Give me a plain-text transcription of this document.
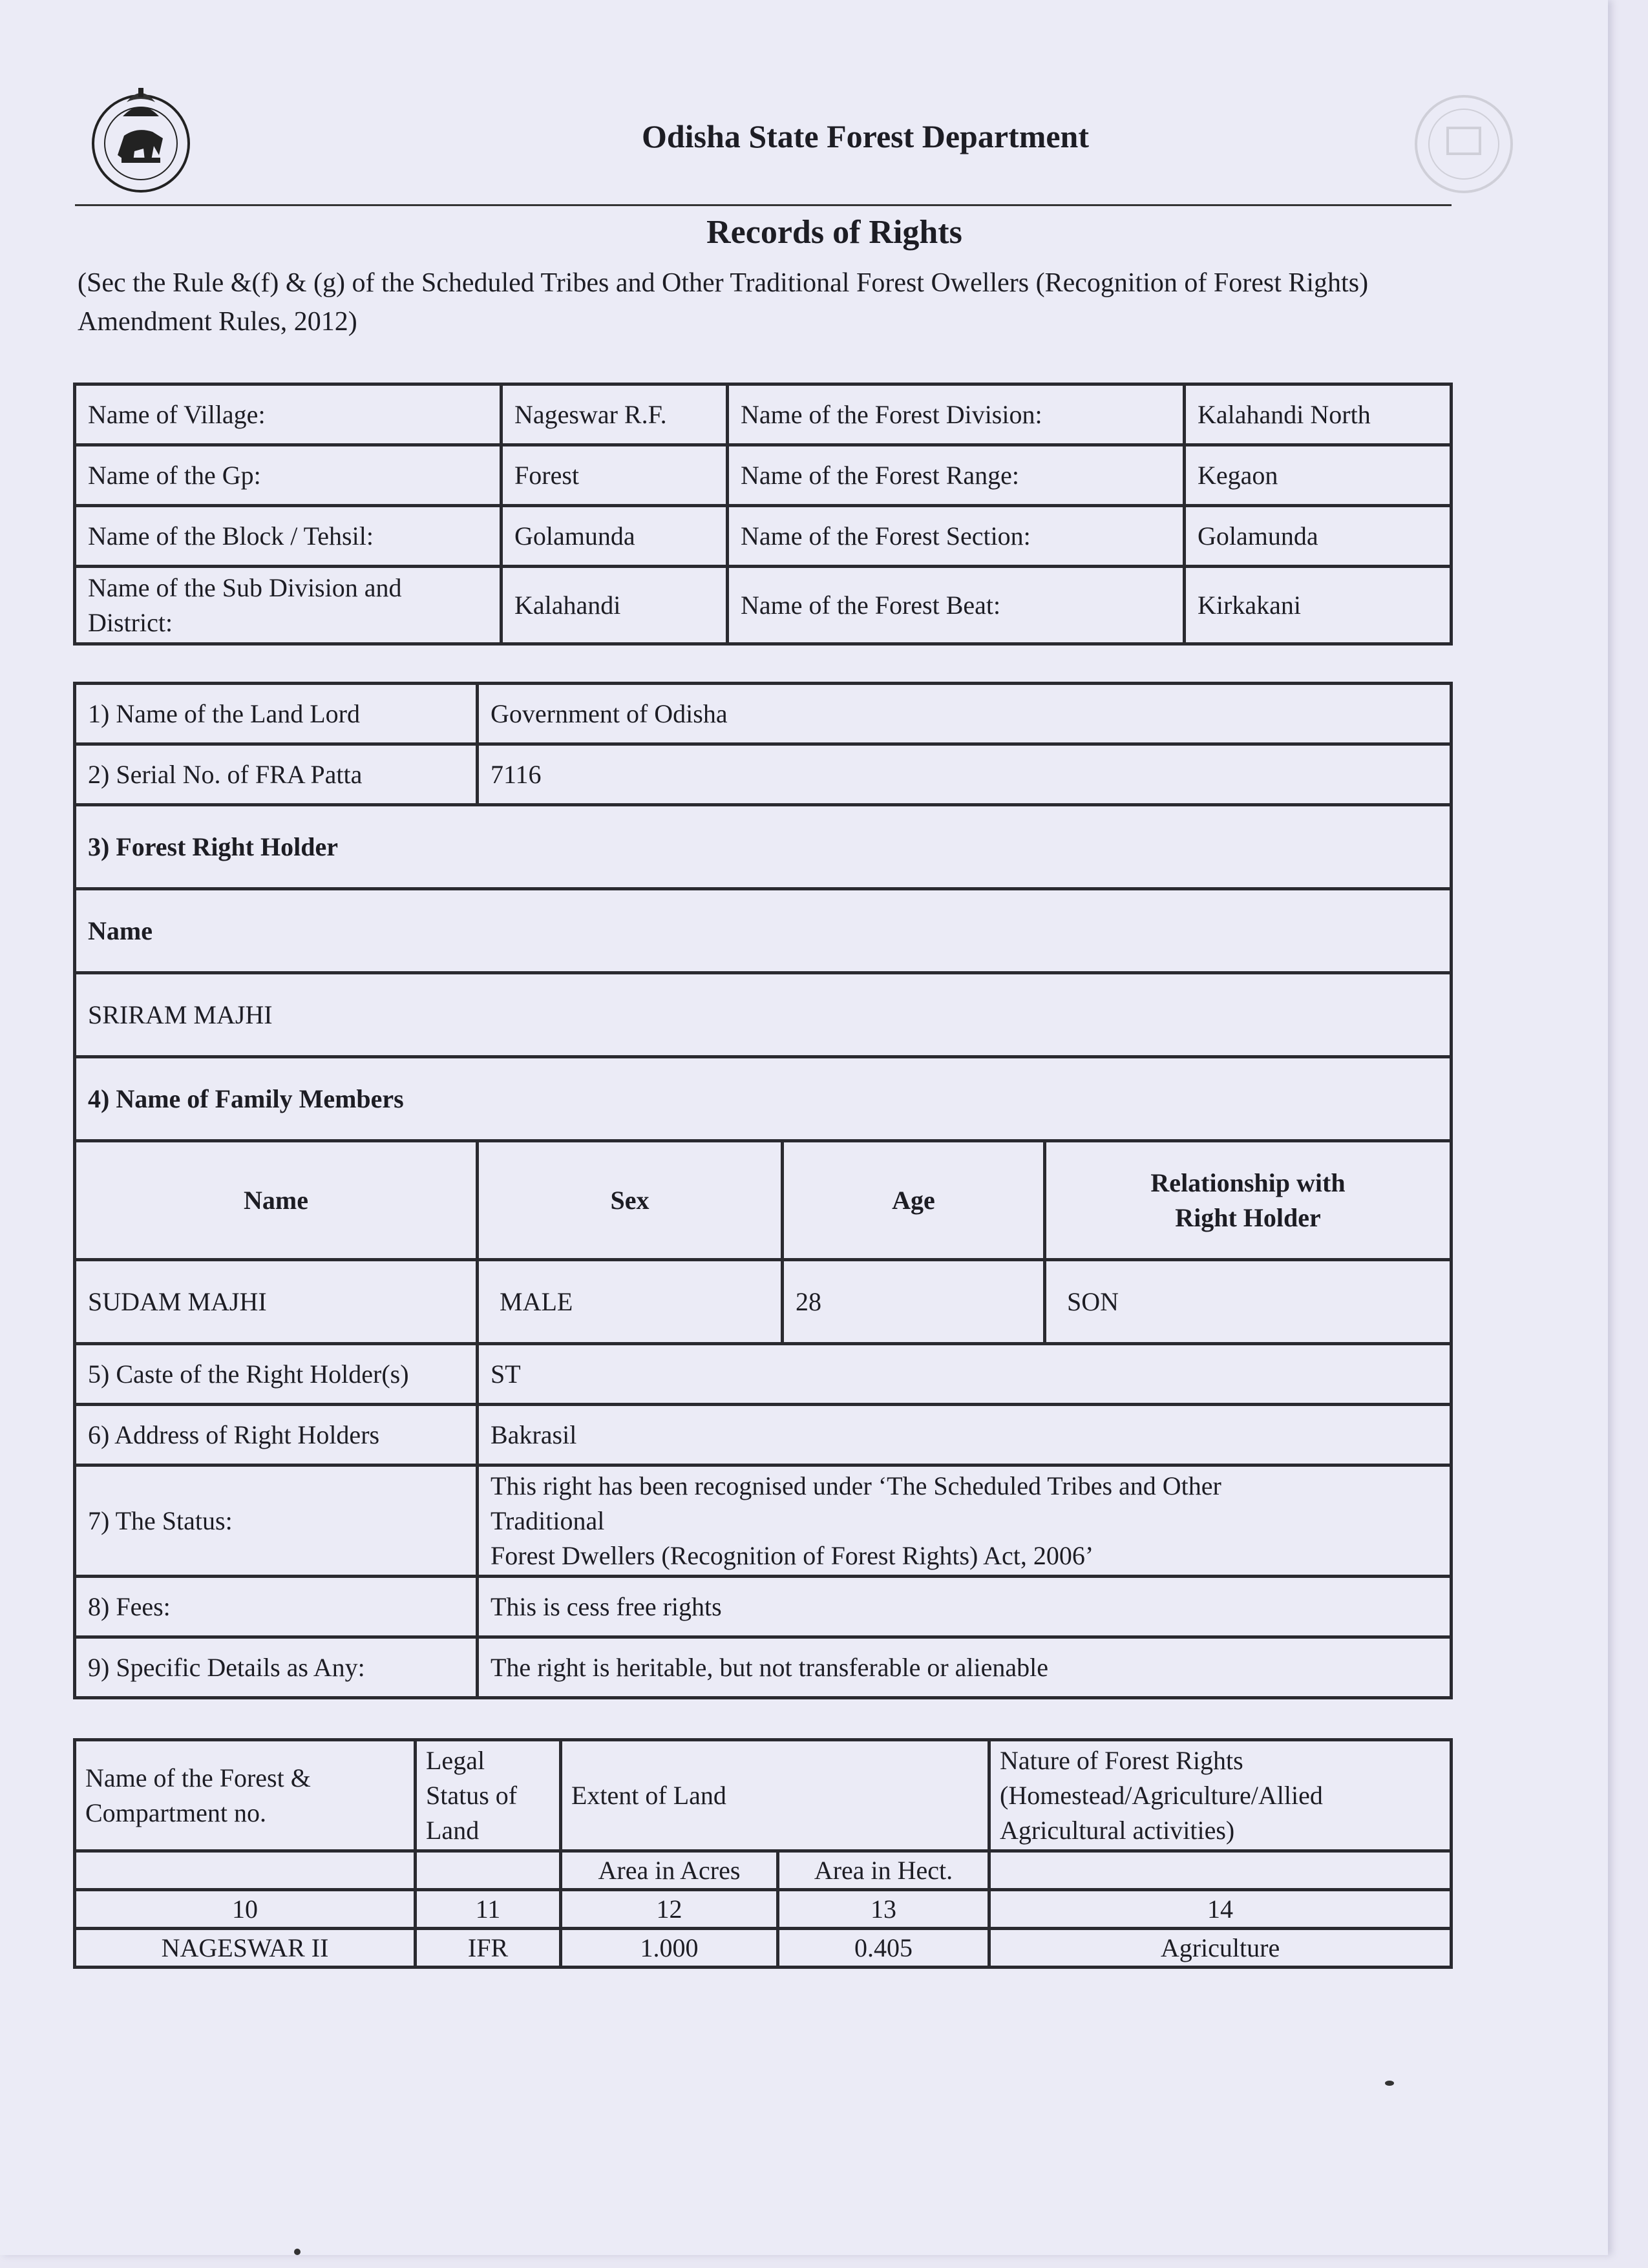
Odisha State Forest Department
Records of Rights
(Sec the Rule &(f) & (g) of the Scheduled Tribes and Other Traditional Forest Owellers (Recognition of Forest Rights) Amendment Rules, 2012)
Name of Village:	Nageswar R.F.	Name of the Forest Division:	Kalahandi North
Name of the Gp:	Forest	Name of the Forest Range:	Kegaon
Name of the Block / Tehsil:	Golamunda	Name of the Forest Section:	Golamunda
Name of the Sub Division and District:	Kalahandi	Name of the Forest Beat:	Kirkakani
1) Name of the Land Lord	Government of Odisha		
2) Serial No. of FRA Patta	7116		
3) Forest Right Holder			
Name			
SRIRAM MAJHI			
4) Name of Family Members			
Name	Sex	Age	Relationship with Right Holder
SUDAM MAJHI	MALE	28	SON
5) Caste of the Right Holder(s)	ST		
6) Address of Right Holders	Bakrasil		
7) The Status:	This right has been recognised under ‘The Scheduled Tribes and Other
Traditional
Forest Dwellers (Recognition of Forest Rights) Act, 2006’		

8) Fees:	This is cess free rights		
9) Specific Details as Any:	The right is heritable, but not transferable or alienable		
Name of the Forest & Compartment no.	Legal Status of Land	Extent of Land		Nature of Forest Rights (Homestead/Agriculture/Allied Agricultural activities)
		Area in Acres	Area in Hect.	
10	11	12	13	14
NAGESWAR II	IFR	1.000	0.405	Agriculture
